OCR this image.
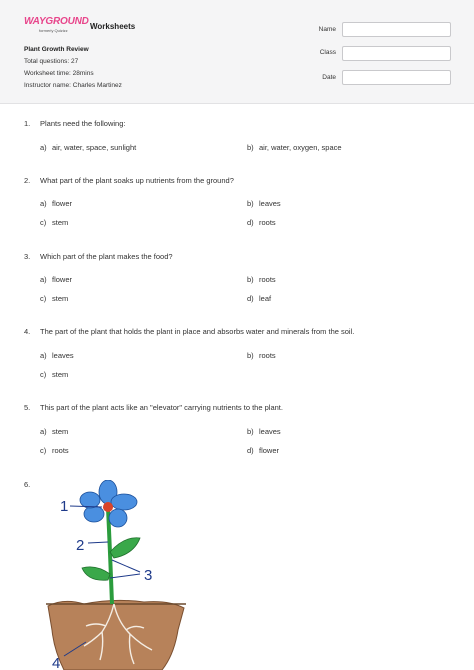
WAYGROUND
formerly Quizizz	Worksheets
Plant Growth Review
Total questions: 27
Worksheet time: 28mins
Instructor name: Charles Martinez
Name
Class
Date
1. Plants need the following:
a) air, water, space, sunlight	b) air, water, oxygen, space
2. What part of the plant soaks up nutrients from the ground?
a) flower	b) leaves
c) stem	d) roots
3. Which part of the plant makes the food?
a) flower	b) roots
c) stem	d) leaf
4. The part of the plant that holds the plant in place and absorbs water and minerals from the soil.
a) leaves	b) roots
c) stem
5. This part of the plant acts like an "elevator" carrying nutrients to the plant.
a) stem	b) leaves
c) roots	d) flower
6.
1
2
3
4
